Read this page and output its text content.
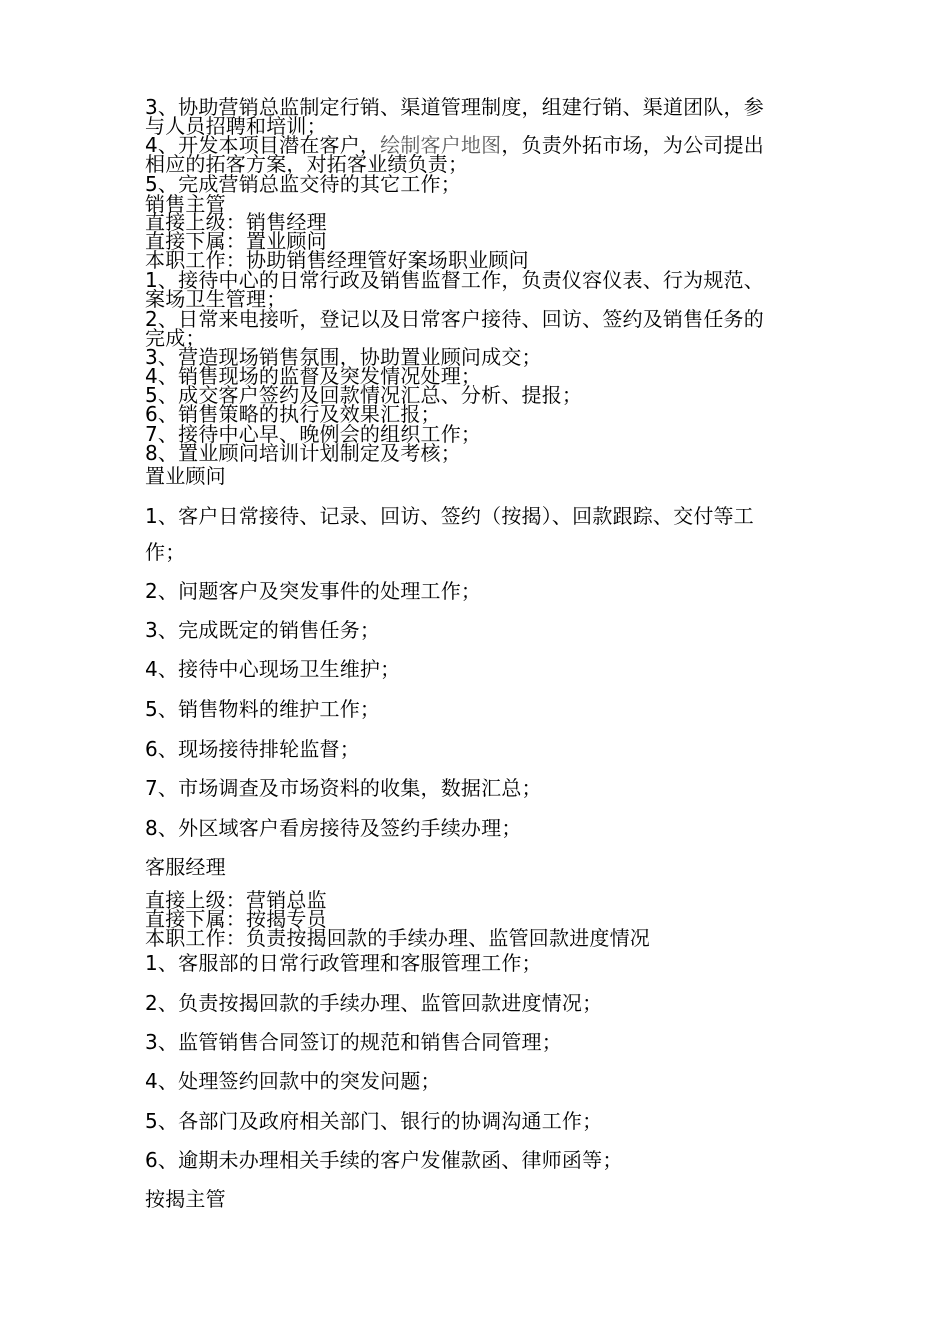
3、协助营销总监制定行销、渠道管理制度，组建行销、渠道团队，参
与人员招聘和培训；
4、开发本项目潜在客户，绘制客户地图，负责外拓市场，为公司提出
相应的拓客方案，对拓客业绩负责；
5、完成营销总监交待的其它工作；
销售主管
直接上级：销售经理
直接下属：置业顾问
本职工作：协助销售经理管好案场职业顾问
1、接待中心的日常行政及销售监督工作，负责仪容仪表、行为规范、
案场卫生管理；
2、日常来电接听，登记以及日常客户接待、回访、签约及销售任务的
完成；
3、营造现场销售氛围，协助置业顾问成交；
4、销售现场的监督及突发情况处理；
5、成交客户签约及回款情况汇总、分析、提报；
6、销售策略的执行及效果汇报；
7、接待中心早、晚例会的组织工作；
8、置业顾问培训计划制定及考核；
置业顾问
1、客户日常接待、记录、回访、签约（按揭）、回款跟踪、交付等工
作；
2、问题客户及突发事件的处理工作；
3、完成既定的销售任务；
4、接待中心现场卫生维护；
5、销售物料的维护工作；
6、现场接待排轮监督；
7、市场调查及市场资料的收集，数据汇总；
8、外区域客户看房接待及签约手续办理；
客服经理
直接上级：营销总监
直接下属：按揭专员
本职工作：负责按揭回款的手续办理、监管回款进度情况
1、客服部的日常行政管理和客服管理工作；
2、负责按揭回款的手续办理、监管回款进度情况；
3、监管销售合同签订的规范和销售合同管理；
4、处理签约回款中的突发问题；
5、各部门及政府相关部门、银行的协调沟通工作；
6、逾期未办理相关手续的客户发催款函、律师函等；
按揭主管
